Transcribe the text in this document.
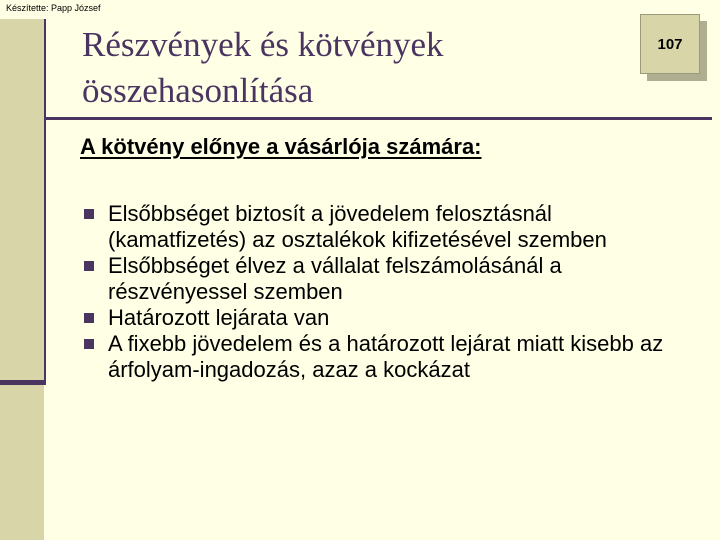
Készítette: Papp József
Részvények és kötvények
összehasonlítása
107
A kötvény előnye a vásárlója számára:
Elsőbbséget biztosít a jövedelem felosztásnál (kamatfizetés) az osztalékok kifizetésével szemben
Elsőbbséget élvez a vállalat felszámolásánál a részvényessel szemben
Határozott lejárata van
A fixebb jövedelem és a határozott lejárat miatt kisebb az árfolyam-ingadozás, azaz a kockázat
